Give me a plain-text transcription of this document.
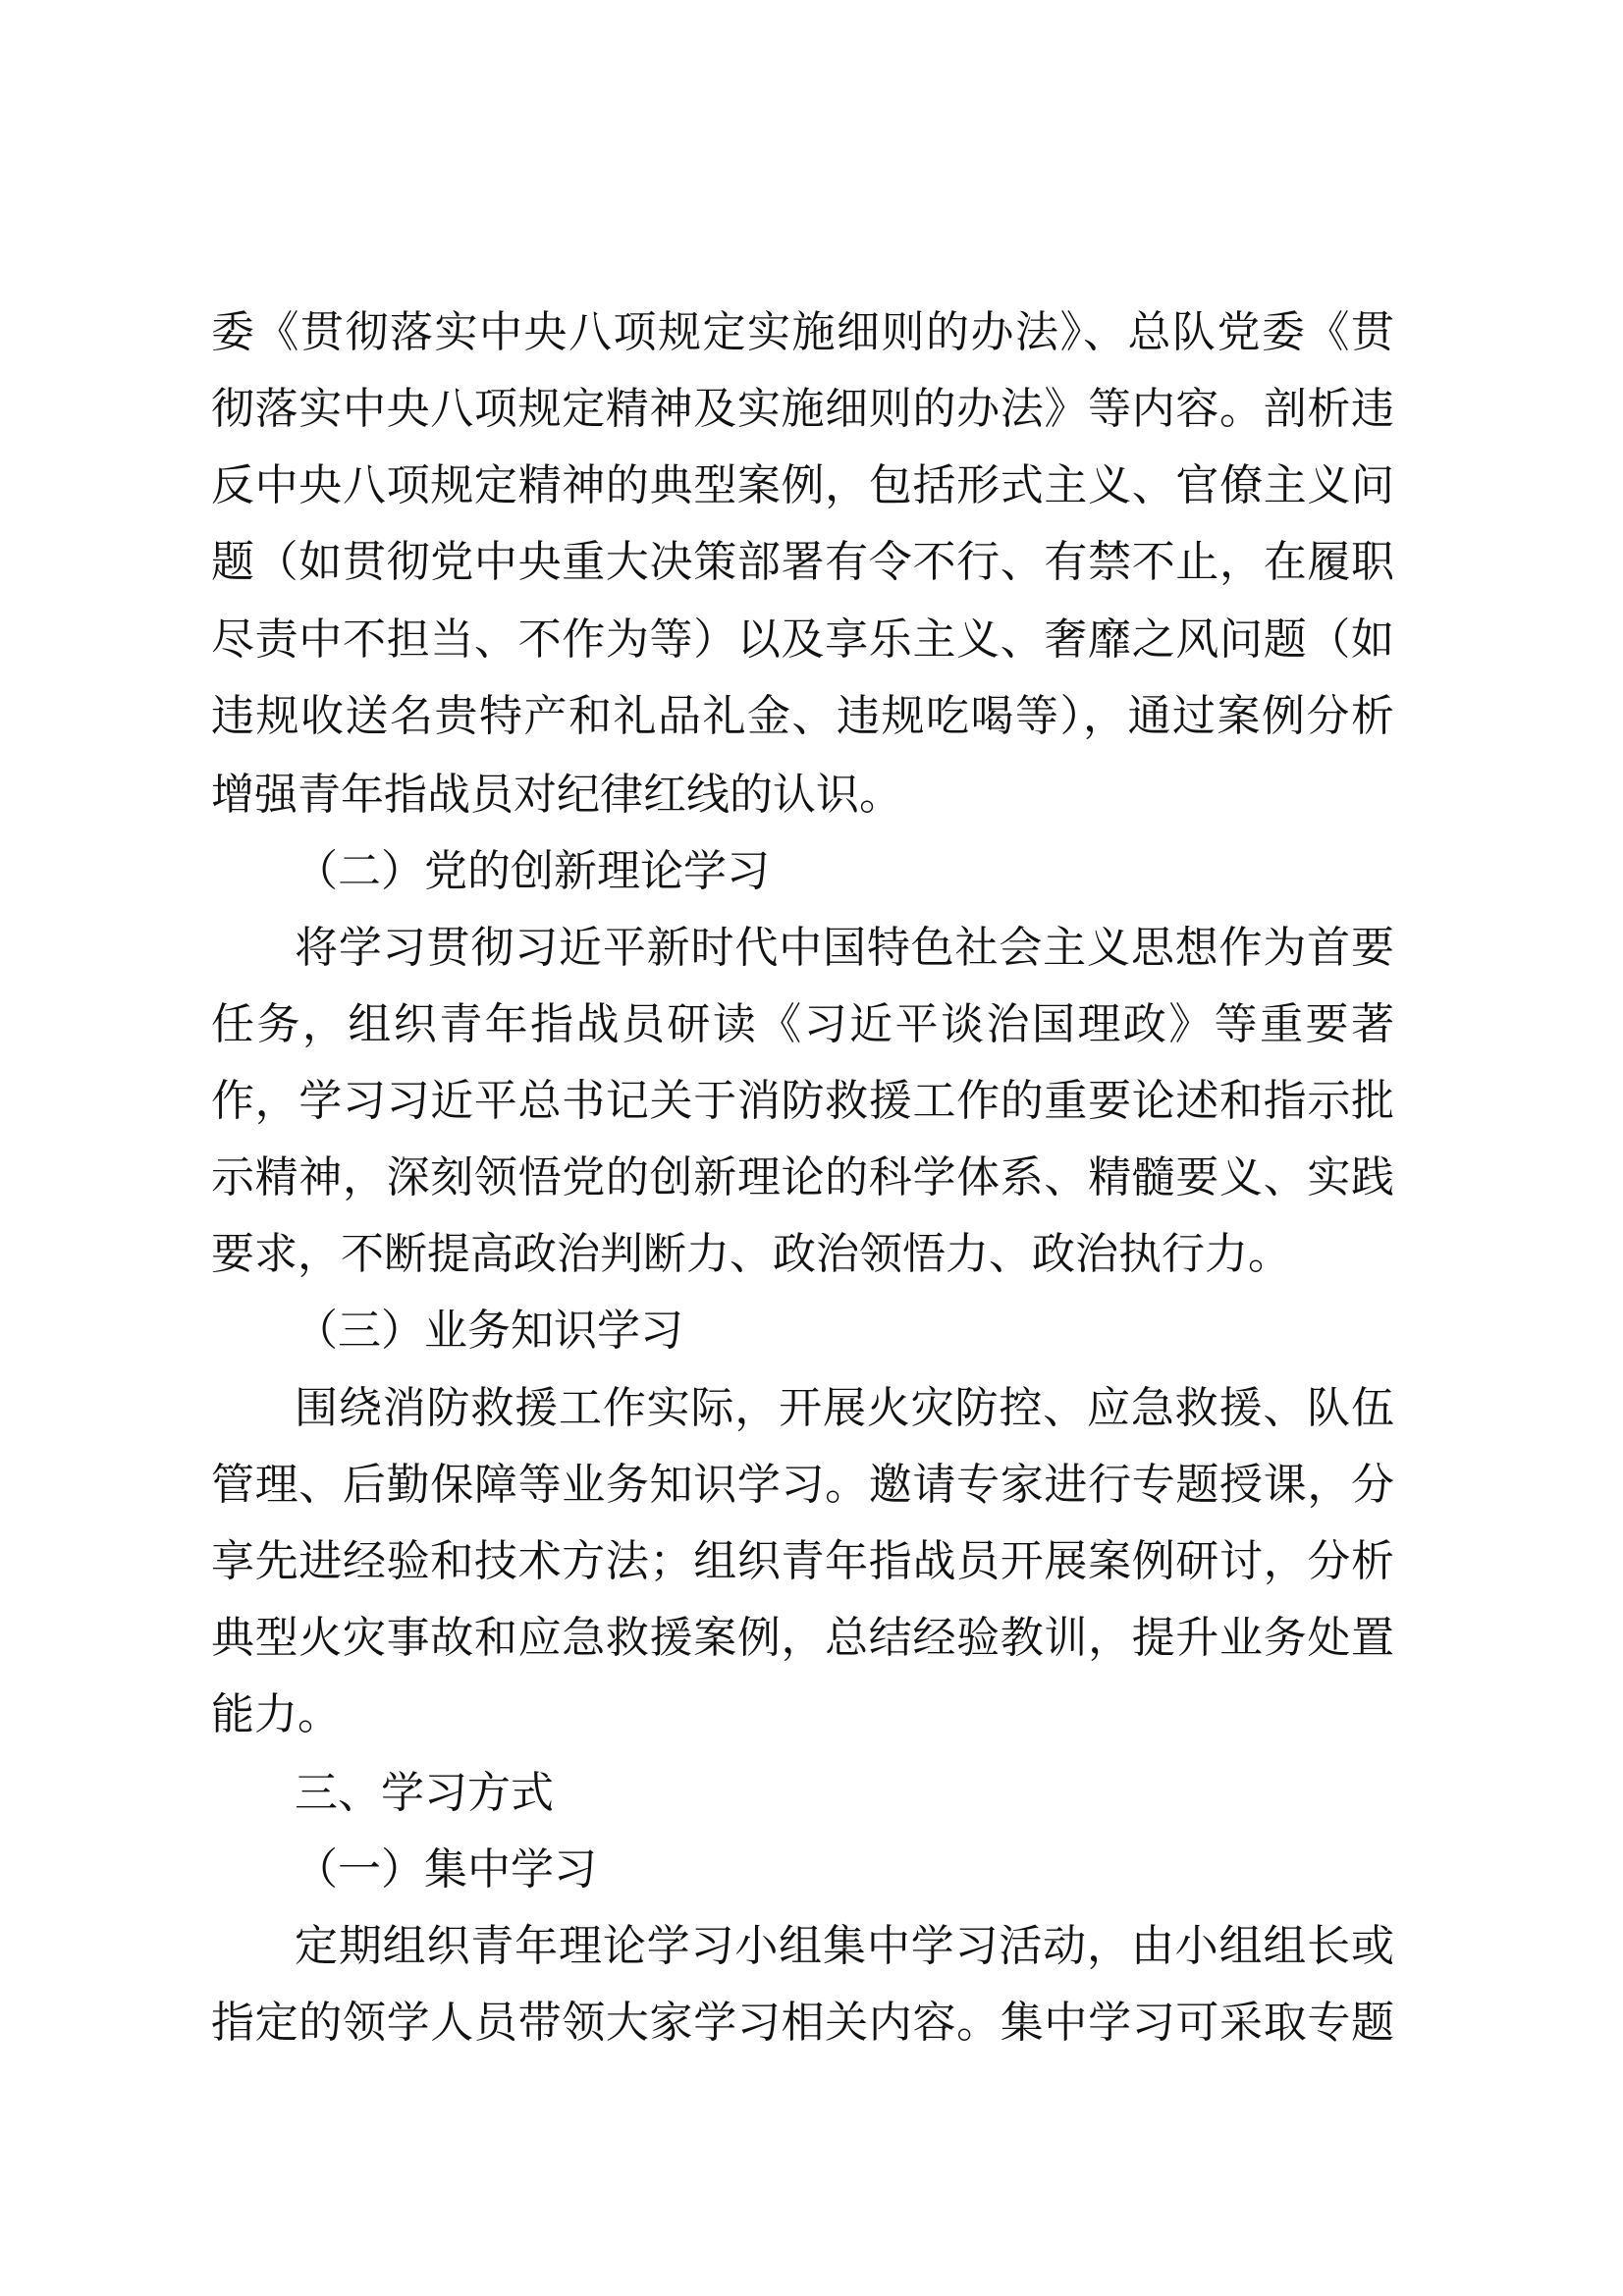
委《贯彻落实中央八项规定实施细则的办法》、总队党委《贯
彻落实中央八项规定精神及实施细则的办法》等内容。剖析违
反中央八项规定精神的典型案例，包括形式主义、官僚主义问
题（如贯彻党中央重大决策部署有令不行、有禁不止，在履职
尽责中不担当、不作为等）以及享乐主义、奢靡之风问题（如
违规收送名贵特产和礼品礼金、违规吃喝等），通过案例分析
增强青年指战员对纪律红线的认识。
（二）党的创新理论学习
将学习贯彻习近平新时代中国特色社会主义思想作为首要
任务，组织青年指战员研读《习近平谈治国理政》等重要著
作，学习习近平总书记关于消防救援工作的重要论述和指示批
示精神，深刻领悟党的创新理论的科学体系、精髓要义、实践
要求，不断提高政治判断力、政治领悟力、政治执行力。
（三）业务知识学习
围绕消防救援工作实际，开展火灾防控、应急救援、队伍
管理、后勤保障等业务知识学习。邀请专家进行专题授课，分
享先进经验和技术方法；组织青年指战员开展案例研讨，分析
典型火灾事故和应急救援案例，总结经验教训，提升业务处置
能力。
三、学习方式
（一）集中学习
定期组织青年理论学习小组集中学习活动，由小组组长或
指定的领学人员带领大家学习相关内容。集中学习可采取专题
